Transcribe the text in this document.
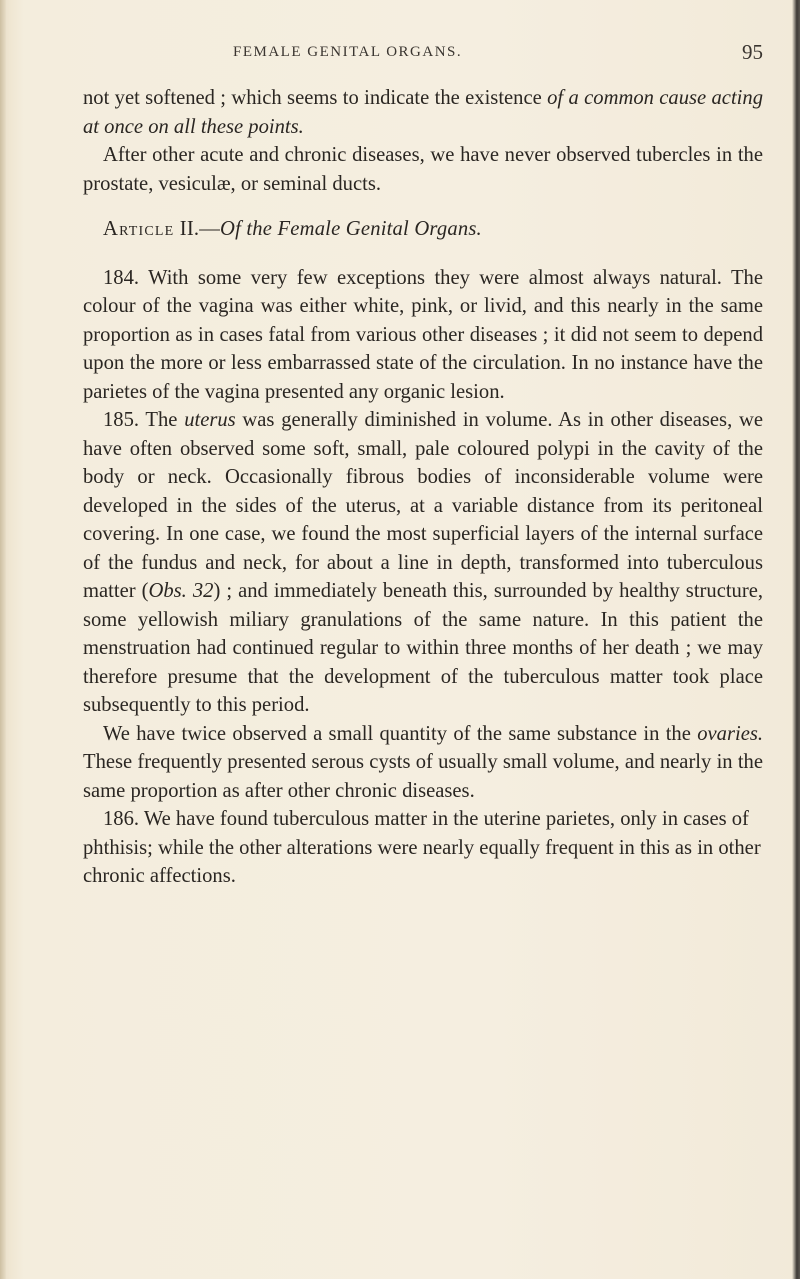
FEMALE GENITAL ORGANS.	95

not yet softened ; which seems to indicate the existence of a common cause acting at once on all these points.

After other acute and chronic diseases, we have never observed tubercles in the prostate, vesiculæ, or seminal ducts.

Article II.—Of the Female Genital Organs.

184. With some very few exceptions they were almost always natural. The colour of the vagina was either white, pink, or livid, and this nearly in the same proportion as in cases fatal from various other diseases ; it did not seem to depend upon the more or less embarrassed state of the circulation. In no instance have the parietes of the vagina presented any organic lesion.

185. The uterus was generally diminished in volume. As in other diseases, we have often observed some soft, small, pale coloured polypi in the cavity of the body or neck. Occasionally fibrous bodies of inconsiderable volume were developed in the sides of the uterus, at a variable distance from its peritoneal covering. In one case, we found the most superficial layers of the internal surface of the fundus and neck, for about a line in depth, transformed into tuberculous matter (Obs. 32) ; and immediately beneath this, surrounded by healthy structure, some yellowish miliary granulations of the same nature. In this patient the menstruation had continued regular to within three months of her death ; we may therefore presume that the development of the tuberculous matter took place subsequently to this period.

We have twice observed a small quantity of the same substance in the ovaries. These frequently presented serous cysts of usually small volume, and nearly in the same proportion as after other chronic diseases.

186. We have found tuberculous matter in the uterine parietes, only in cases of phthisis; while the other alterations were nearly equally frequent in this as in other chronic affections.
